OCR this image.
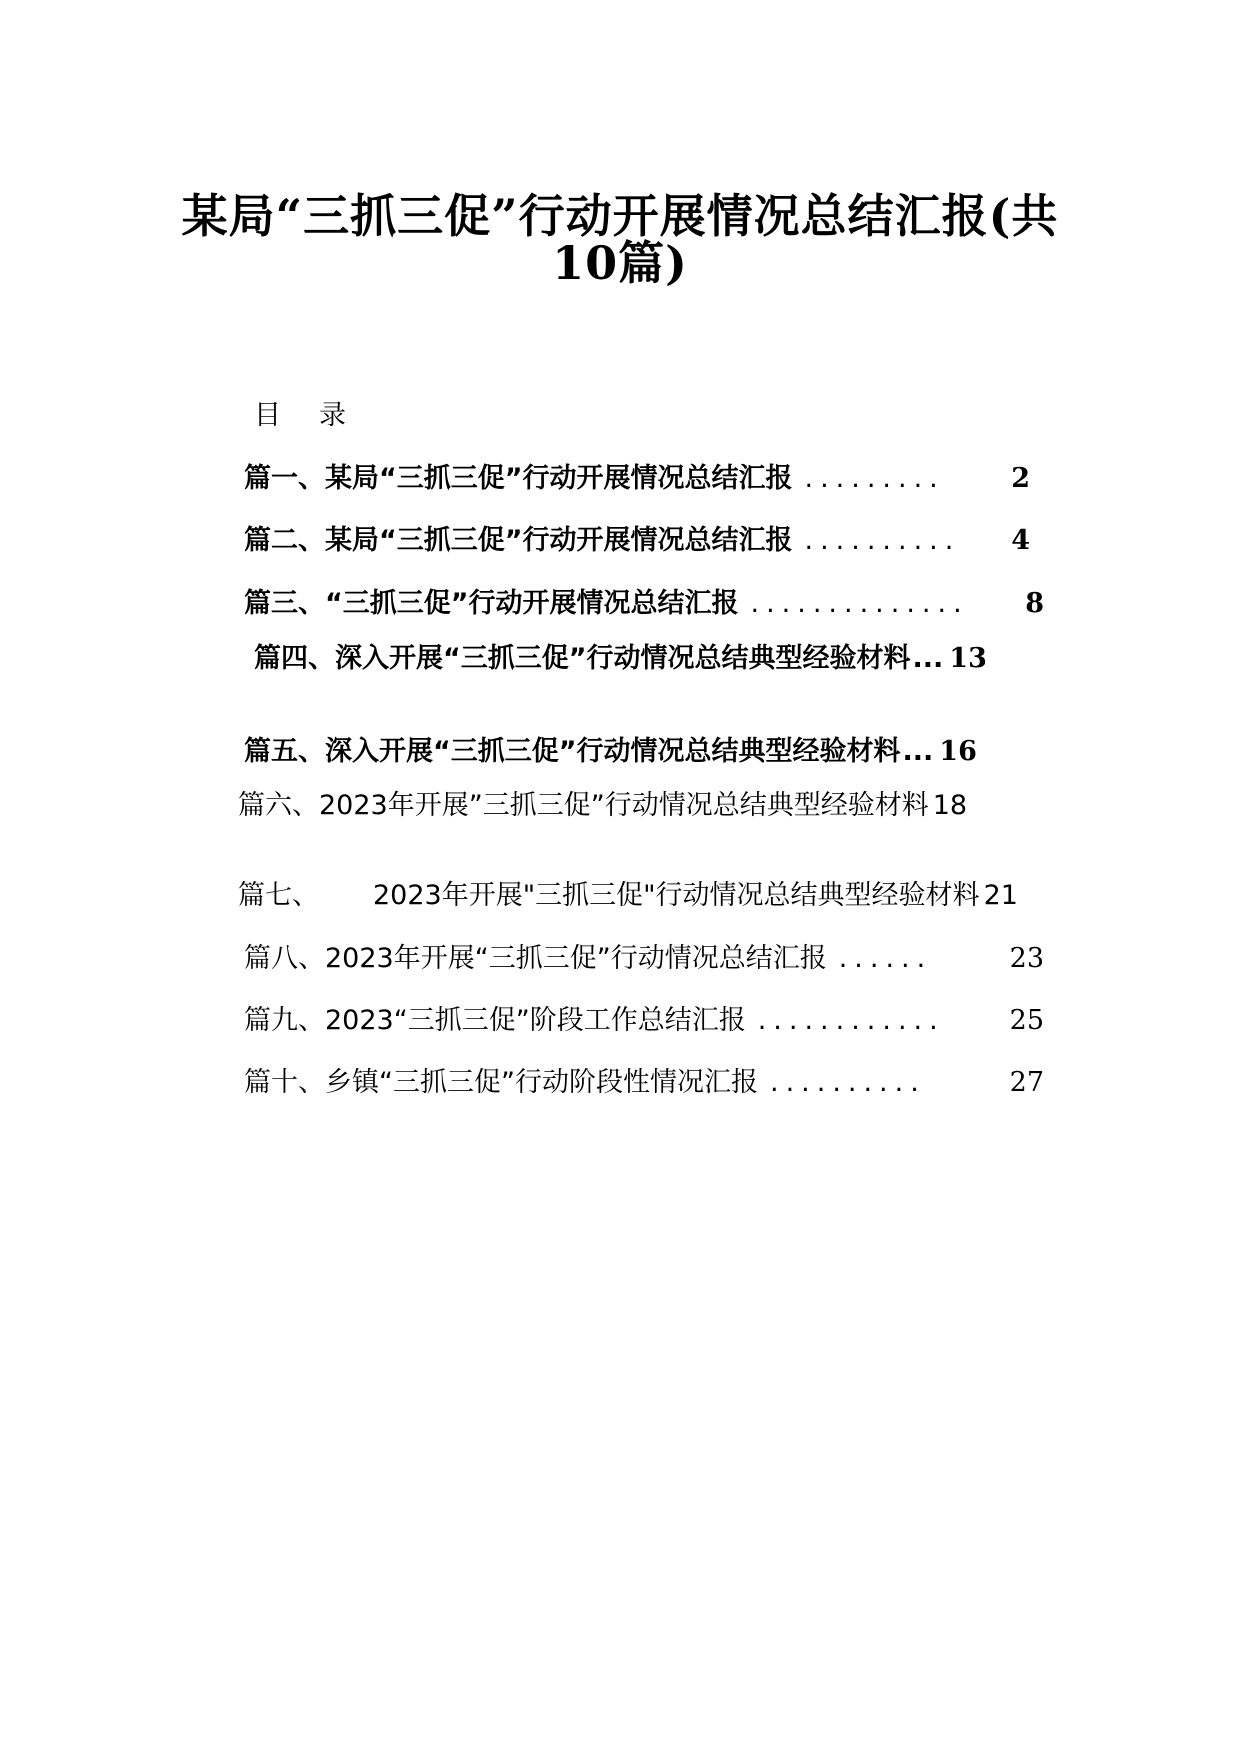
某局“三抓三促”行动开展情况总结汇报(共
10篇)
目录
篇一、某局“三抓三促”行动开展情况总结汇报 .........	2
篇二、某局“三抓三促”行动开展情况总结汇报 ..........	4
篇三、“三抓三促”行动开展情况总结汇报 ..............	8
篇四、深入开展“三抓三促”行动情况总结典型经验材料 ... 13
篇五、深入开展“三抓三促”行动情况总结典型经验材料 ... 16
篇六、2023年开展”三抓三促”行动情况总结典型经验材料 18
篇七、 2023年开展"三抓三促"行动情况总结典型经验材料 21
篇八、2023年开展“三抓三促”行动情况总结汇报 ......	23
篇九、2023“三抓三促”阶段工作总结汇报 ............	25
篇十、乡镇“三抓三促”行动阶段性情况汇报 ..........	27
